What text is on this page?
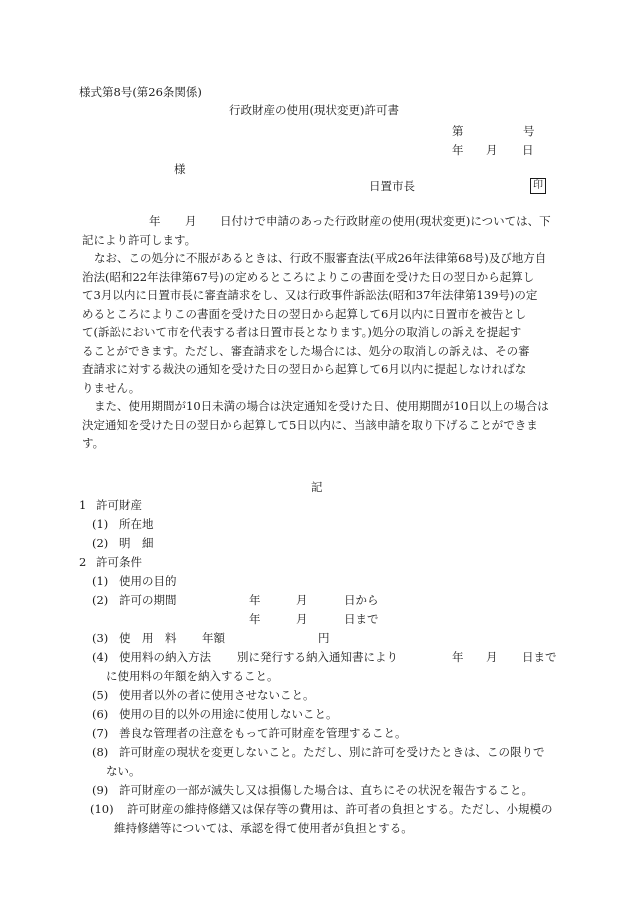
様式第8号(第26条関係)
行政財産の使用(現状変更)許可書
第	号
年 月 日
様
日置市長	印
年 月 日付けで申請のあった行政財産の使用(現状変更)については、下
記により許可します。
なお、この処分に不服があるときは、行政不服審査法(平成26年法律第68号)及び地方自
治法(昭和22年法律第67号)の定めるところによりこの書面を受けた日の翌日から起算し
て3月以内に日置市長に審査請求をし、又は行政事件訴訟法(昭和37年法律第139号)の定
めるところによりこの書面を受けた日の翌日から起算して6月以内に日置市を被告とし
て(訴訟において市を代表する者は日置市長となります。)処分の取消しの訴えを提起す
ることができます。ただし、審査請求をした場合には、処分の取消しの訴えは、その審
査請求に対する裁決の通知を受けた日の翌日から起算して6月以内に提起しなければな
りません。
また、使用期間が10日未満の場合は決定通知を受けた日、使用期間が10日以上の場合は
決定通知を受けた日の翌日から起算して5日以内に、当該申請を取り下げることができま
す。
記
1 許可財産
(1) 所在地
(2) 明　細
2 許可条件
(1) 使用の目的
(2) 許可の期間	年	月	日から
年	月	日まで
(3) 使　用　料 年額	円
(4) 使用料の納入方法 別に発行する納入通知書により	年 月 日まで
に使用料の年額を納入すること。
(5) 使用者以外の者に使用させないこと。
(6) 使用の目的以外の用途に使用しないこと。
(7) 善良な管理者の注意をもって許可財産を管理すること。
(8) 許可財産の現状を変更しないこと。ただし、別に許可を受けたときは、この限りで
ない。
(9) 許可財産の一部が滅失し又は損傷した場合は、直ちにその状況を報告すること。
(10) 許可財産の維持修繕又は保存等の費用は、許可者の負担とする。ただし、小規模の
維持修繕等については、承認を得て使用者が負担とする。
